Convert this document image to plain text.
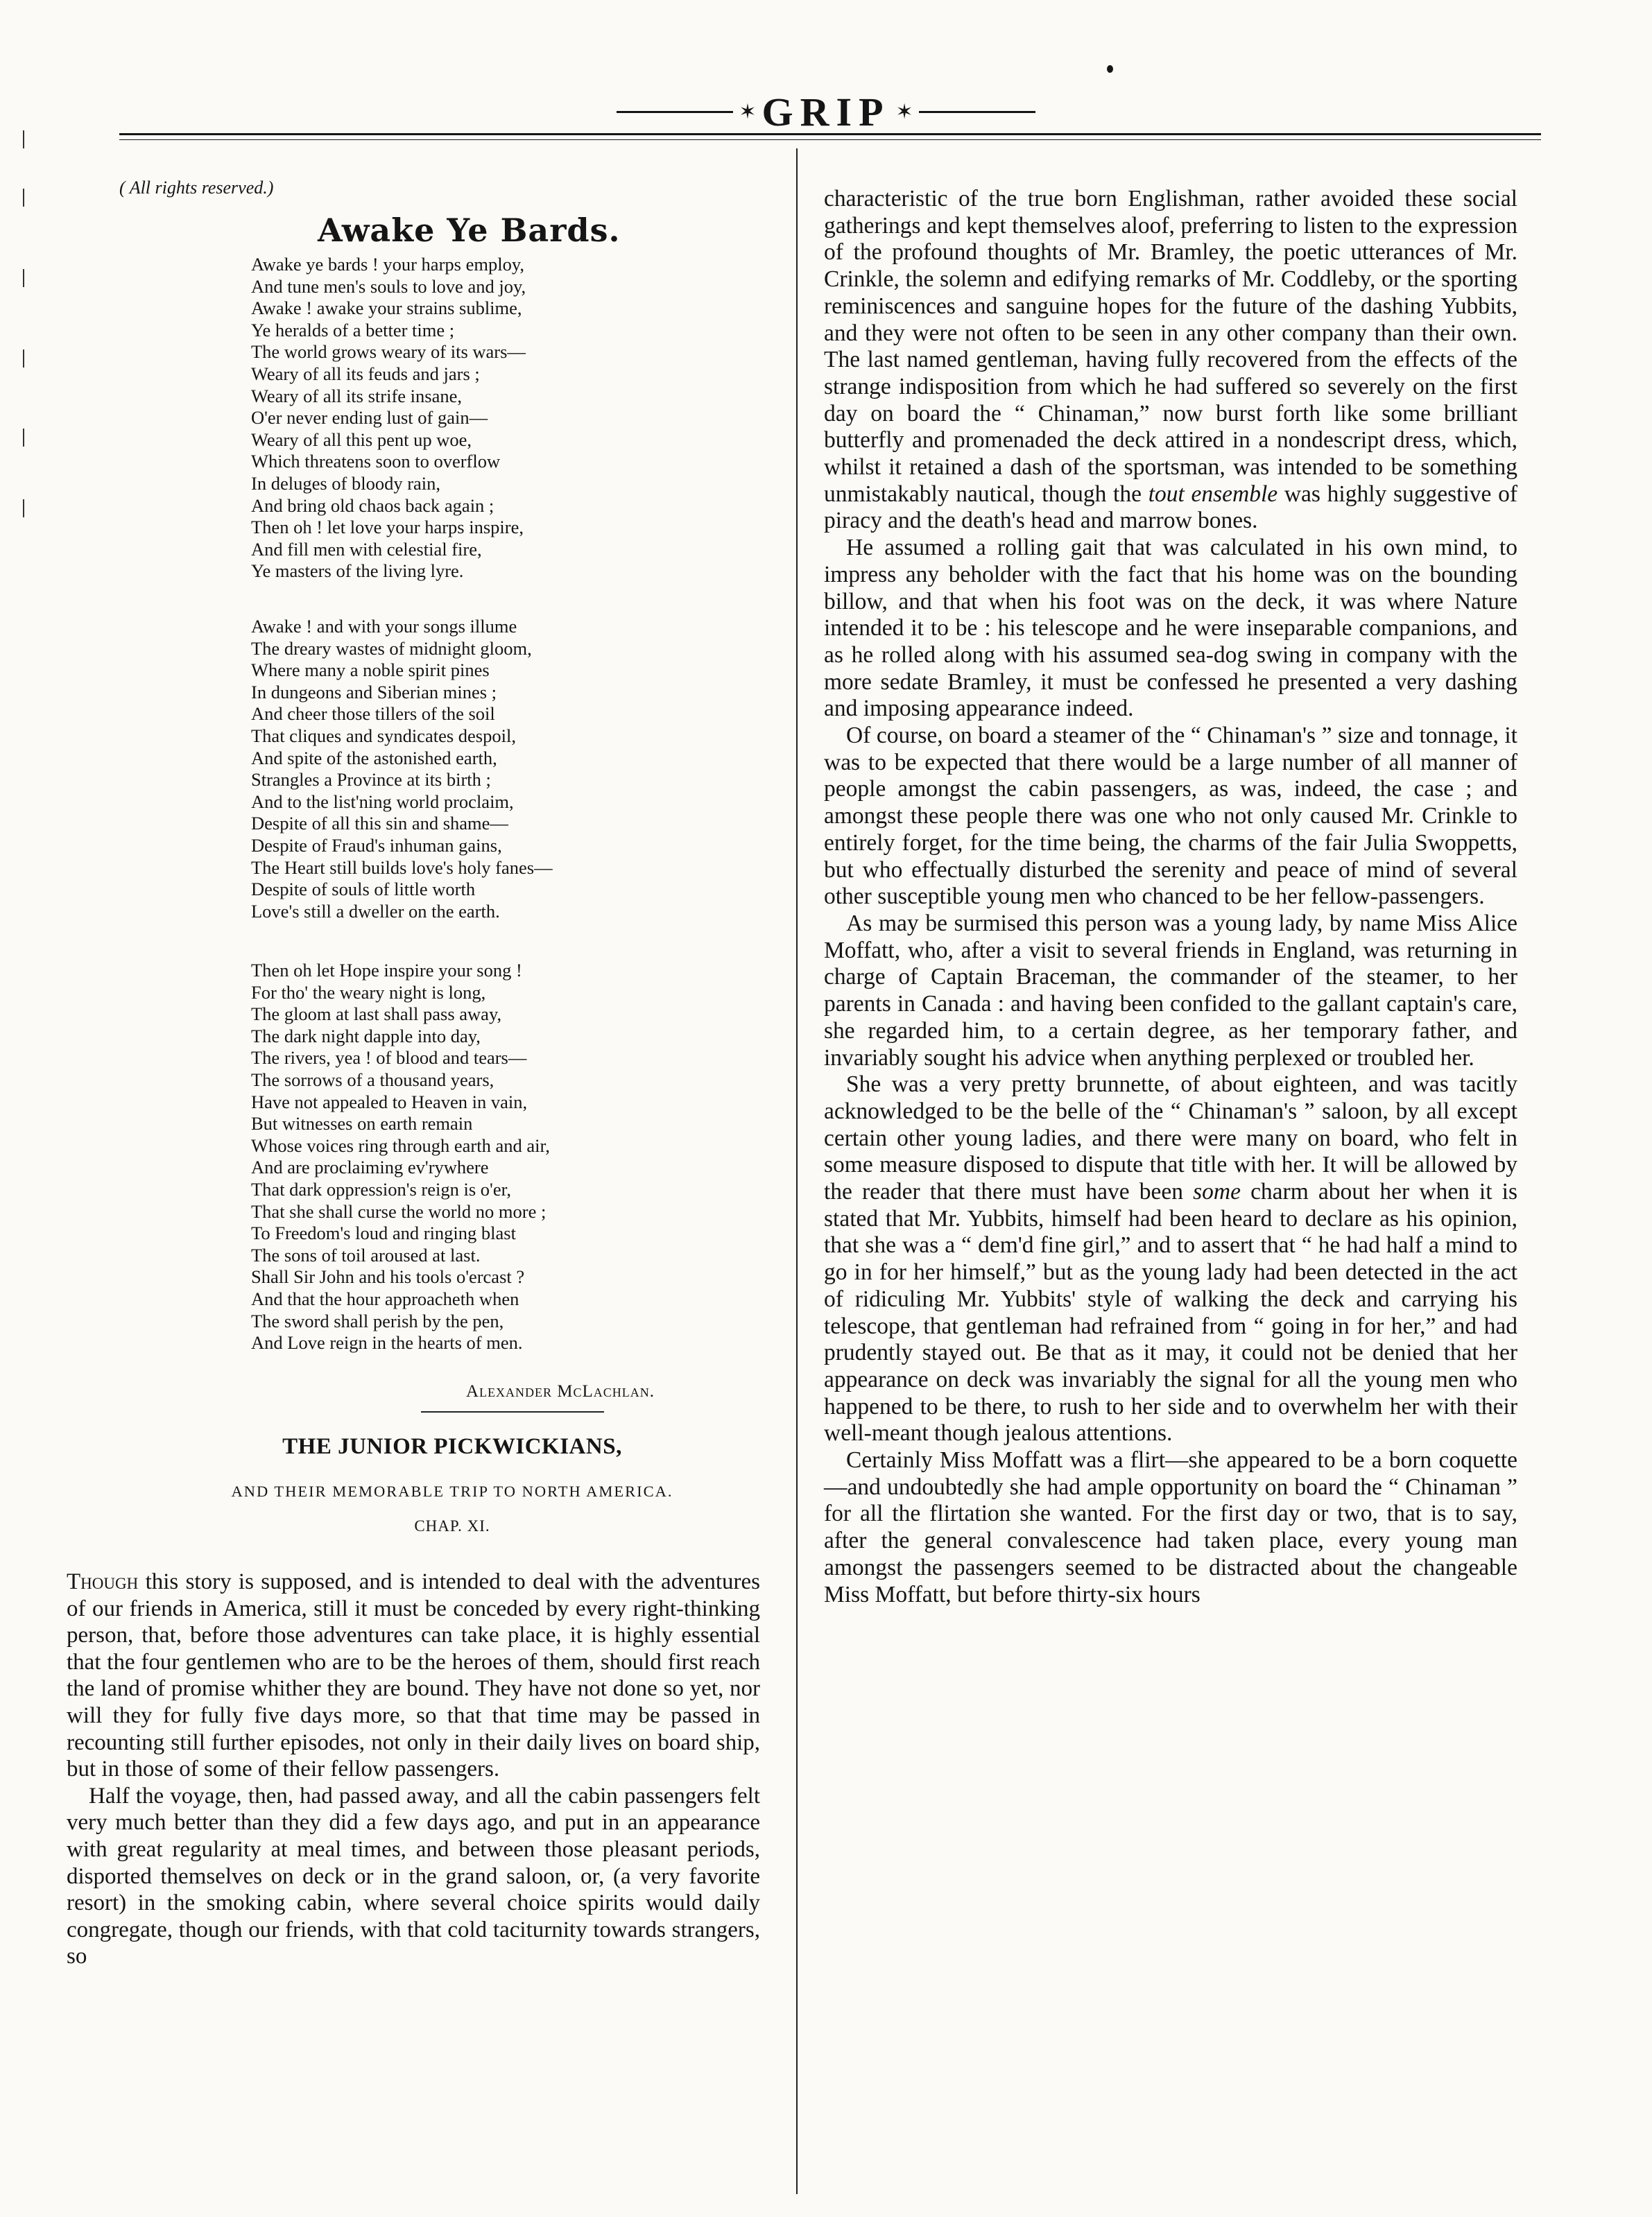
✶ GRIP ✶
( All rights reserved.)
Awake Ye Bards.
Awake ye bards ! your harps employ,
And tune men's souls to love and joy,
Awake ! awake your strains sublime,
Ye heralds of a better time ;
The world grows weary of its wars—
Weary of all its feuds and jars ;
Weary of all its strife insane,
O'er never ending lust of gain—
Weary of all this pent up woe,
Which threatens soon to overflow
In deluges of bloody rain,
And bring old chaos back again ;
Then oh ! let love your harps inspire,
And fill men with celestial fire,
Ye masters of the living lyre.
Awake ! and with your songs illume
The dreary wastes of midnight gloom,
Where many a noble spirit pines
In dungeons and Siberian mines ;
And cheer those tillers of the soil
That cliques and syndicates despoil,
And spite of the astonished earth,
Strangles a Province at its birth ;
And to the list'ning world proclaim,
Despite of all this sin and shame—
Despite of Fraud's inhuman gains,
The Heart still builds love's holy fanes—
Despite of souls of little worth
Love's still a dweller on the earth.
Then oh let Hope inspire your song !
For tho' the weary night is long,
The gloom at last shall pass away,
The dark night dapple into day,
The rivers, yea ! of blood and tears—
The sorrows of a thousand years,
Have not appealed to Heaven in vain,
But witnesses on earth remain
Whose voices ring through earth and air,
And are proclaiming ev'rywhere
That dark oppression's reign is o'er,
That she shall curse the world no more ;
To Freedom's loud and ringing blast
The sons of toil aroused at last.
Shall Sir John and his tools o'ercast ?
And that the hour approacheth when
The sword shall perish by the pen,
And Love reign in the hearts of men.
Alexander McLachlan.
THE JUNIOR PICKWICKIANS,
AND THEIR MEMORABLE TRIP TO NORTH AMERICA.
CHAP. XI.

Though this story is supposed, and is intended to deal with the adventures of our friends in America, still it must be conceded by every right-thinking person, that, before those adventures can take place, it is highly essential that the four gentlemen who are to be the heroes of them, should first reach the land of promise whither they are bound. They have not done so yet, nor will they for fully five days more, so that that time may be passed in recounting still further episodes, not only in their daily lives on board ship, but in those of some of their fellow passengers.

Half the voyage, then, had passed away, and all the cabin passengers felt very much better than they did a few days ago, and put in an appearance with great regularity at meal times, and between those pleasant periods, disported themselves on deck or in the grand saloon, or, (a very favorite resort) in the smoking cabin, where several choice spirits would daily congregate, though our friends, with that cold taciturnity towards strangers, so

characteristic of the true born Englishman, rather avoided these social gatherings and kept themselves aloof, preferring to listen to the expression of the profound thoughts of Mr. Bramley, the poetic utterances of Mr. Crinkle, the solemn and edifying remarks of Mr. Coddleby, or the sporting reminiscences and sanguine hopes for the future of the dashing Yubbits, and they were not often to be seen in any other company than their own. The last named gentleman, having fully recovered from the effects of the strange indisposition from which he had suffered so severely on the first day on board the “ Chinaman,” now burst forth like some brilliant butterfly and promenaded the deck attired in a nondescript dress, which, whilst it retained a dash of the sportsman, was intended to be something unmistakably nautical, though the tout ensemble was highly suggestive of piracy and the death's head and marrow bones.

He assumed a rolling gait that was calculated in his own mind, to impress any beholder with the fact that his home was on the bounding billow, and that when his foot was on the deck, it was where Nature intended it to be : his telescope and he were inseparable companions, and as he rolled along with his assumed sea-dog swing in company with the more sedate Bramley, it must be confessed he presented a very dashing and imposing appearance indeed.

Of course, on board a steamer of the “ Chinaman's ” size and tonnage, it was to be expected that there would be a large number of all manner of people amongst the cabin passengers, as was, indeed, the case ; and amongst these people there was one who not only caused Mr. Crinkle to entirely forget, for the time being, the charms of the fair Julia Swoppetts, but who effectually disturbed the serenity and peace of mind of several other susceptible young men who chanced to be her fellow-passengers.

As may be surmised this person was a young lady, by name Miss Alice Moffatt, who, after a visit to several friends in England, was returning in charge of Captain Braceman, the commander of the steamer, to her parents in Canada : and having been confided to the gallant captain's care, she regarded him, to a certain degree, as her temporary father, and invariably sought his advice when anything perplexed or troubled her.

She was a very pretty brunnette, of about eighteen, and was tacitly acknowledged to be the belle of the “ Chinaman's ” saloon, by all except certain other young ladies, and there were many on board, who felt in some measure disposed to dispute that title with her. It will be allowed by the reader that there must have been some charm about her when it is stated that Mr. Yubbits, himself had been heard to declare as his opinion, that she was a “ dem'd fine girl,” and to assert that “ he had half a mind to go in for her himself,” but as the young lady had been detected in the act of ridiculing Mr. Yubbits' style of walking the deck and carrying his telescope, that gentleman had refrained from “ going in for her,” and had prudently stayed out. Be that as it may, it could not be denied that her appearance on deck was invariably the signal for all the young men who happened to be there, to rush to her side and to overwhelm her with their well-meant though jealous attentions.

Certainly Miss Moffatt was a flirt—she appeared to be a born coquette—and undoubtedly she had ample opportunity on board the “ Chinaman ” for all the flirtation she wanted. For the first day or two, that is to say, after the general convalescence had taken place, every young man amongst the passengers seemed to be distracted about the changeable Miss Moffatt, but before thirty-six hours
